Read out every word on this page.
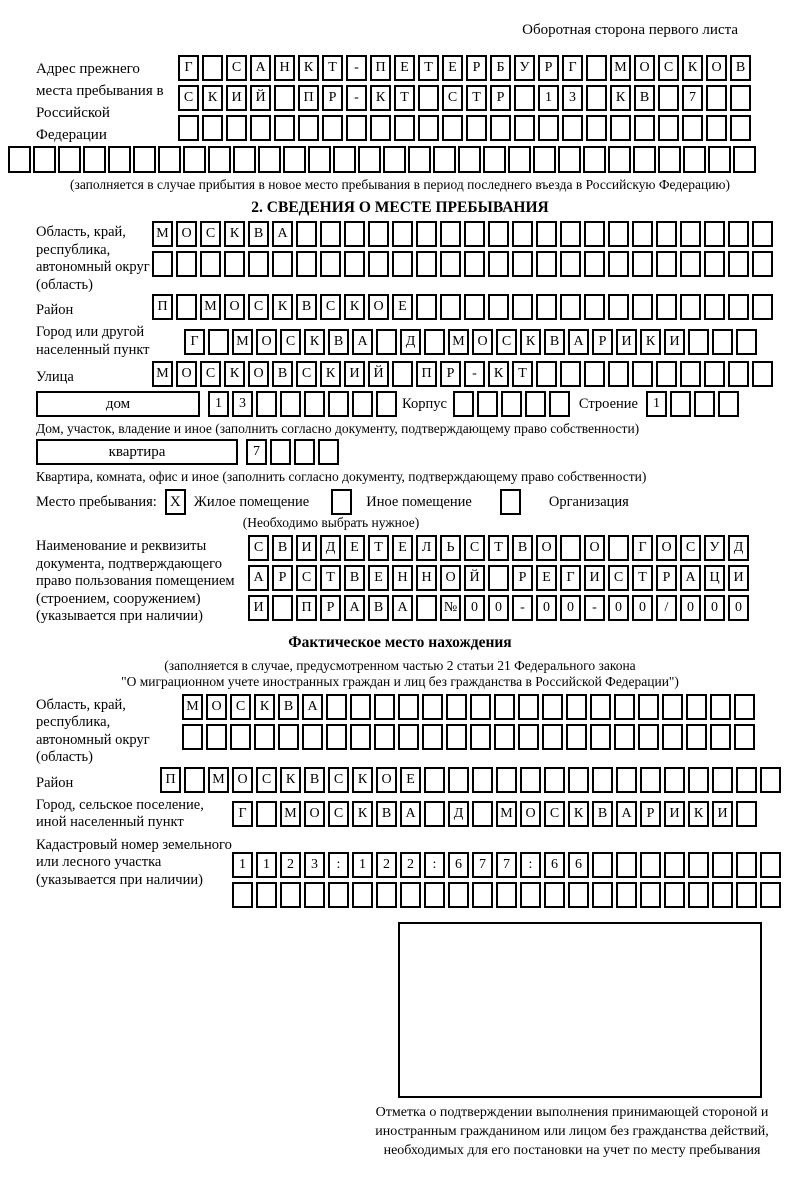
Оборотная сторона первого листа
Адрес прежнего места пребывания в Российской Федерации
Г	С А Н К Т - П Е Т Е Р Б У Р Г	М О С К О В
С К И Й	П Р - К Т	С Т Р	1 3	К В	7
(заполняется в случае прибытия в новое место пребывания в период последнего въезда в Российскую Федерацию)
2. СВЕДЕНИЯ О МЕСТЕ ПРЕБЫВАНИЯ
Область, край, республика, автономный округ (область)
М О С К В А
Район	П	М О С К В С К О Е
Город или другой населенный пункт
Г	М О С К В А	Д	М О С К В А Р И К И
Улица	М О С К О В С К И Й	П Р - К Т
дом	1 3	Корпус	Строение	1
Дом, участок, владение и иное (заполнить согласно документу, подтверждающему право собственности)
квартира	7
Квартира, комната, офис и иное (заполнить согласно документу, подтверждающему право собственности)
Место пребывания: X Жилое помещение	Иное помещение	Организация
(Необходимо выбрать нужное)
Наименование и реквизиты документа, подтверждающего право пользования помещением (строением, сооружением) (указывается при наличии)
С В И Д Е Т Е Л Ь С Т В О	О	Г О С У Д
А Р С Т В Е Н Н О Й	Р Е Г И С Т Р А Ц И
И	П Р А В А	№ 0 0 - 0 0 - 0 0 / 0 0 0
Фактическое место нахождения
(заполняется в случае, предусмотренном частью 2 статьи 21 Федерального закона
"О миграционном учете иностранных граждан и лиц без гражданства в Российской Федерации")
Область, край, республика, автономный округ (область)
М О С К В А
Район	П	М О С К В С К О Е
Город, сельское поселение, иной населенный пункт
Г	М О С К В А	Д	М О С К В А Р И К И
Кадастровый номер земельного или лесного участка (указывается при наличии)
1 1 2 3 : 1 2 2 : 6 7 7 : 6 6
Отметка о подтверждении выполнения принимающей стороной и иностранным гражданином или лицом без гражданства действий, необходимых для его постановки на учет по месту пребывания
